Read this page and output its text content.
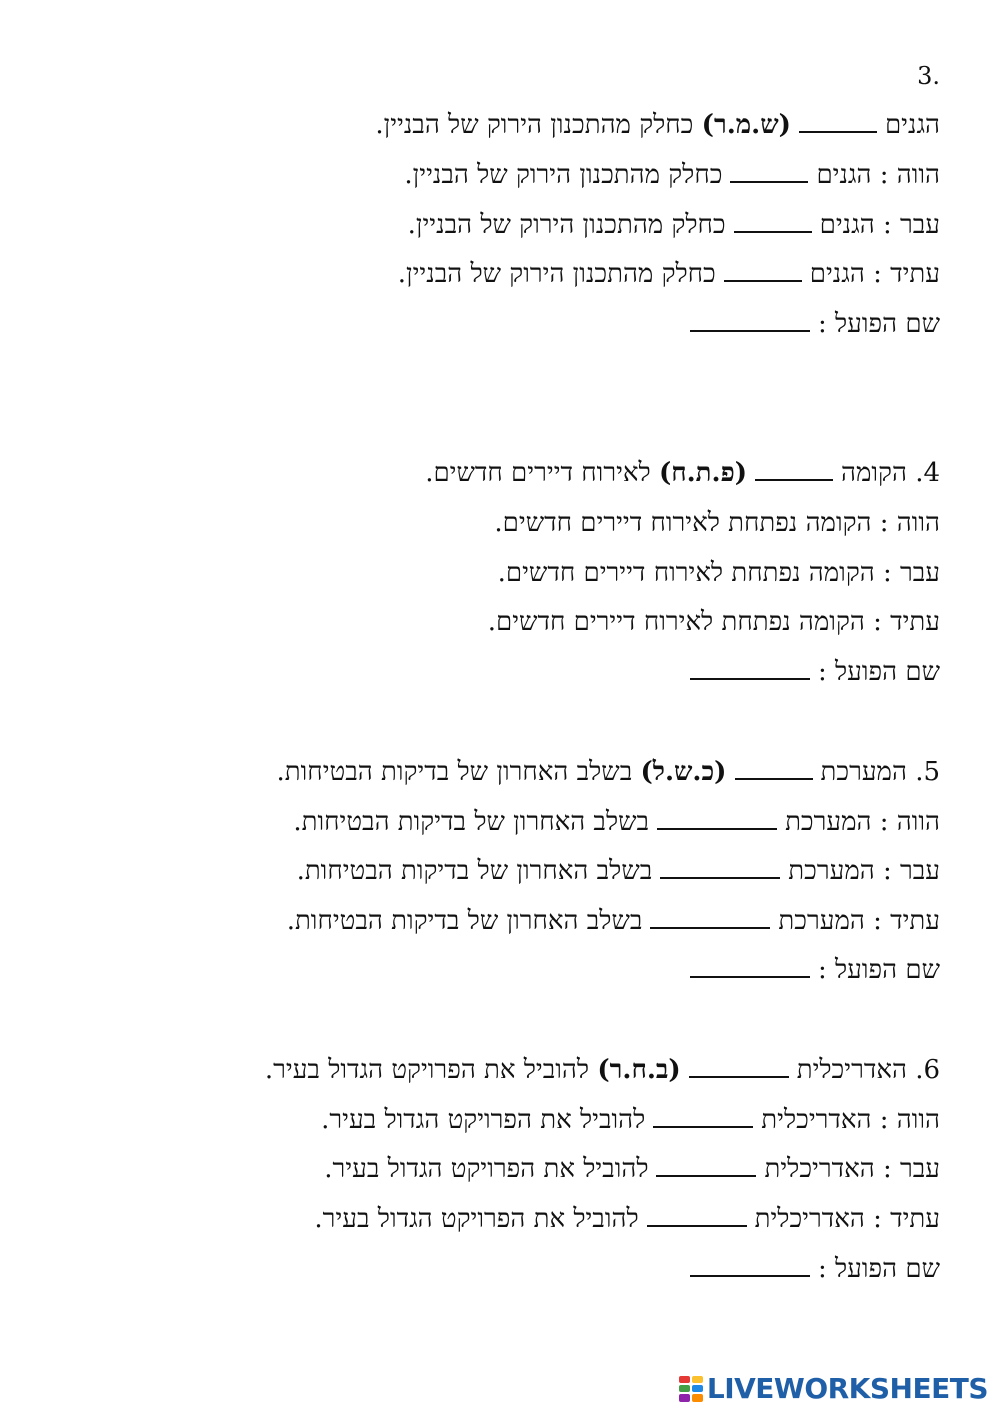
3.
הגנים(ש.מ.ר) כחלק מהתכנון הירוק של הבניין.
הווה : הגניםכחלק מהתכנון הירוק של הבניין.
עבר : הגניםכחלק מהתכנון הירוק של הבניין.
עתיד : הגניםכחלק מהתכנון הירוק של הבניין.
שם הפועל :
4. הקומה(פ.ת.ח) לאירוח דיירים חדשים.
הווה : הקומה נפתחת לאירוח דיירים חדשים.
עבר : הקומה נפתחת לאירוח דיירים חדשים.
עתיד : הקומה נפתחת לאירוח דיירים חדשים.
שם הפועל :
5. המערכת(כ.ש.ל) בשלב האחרון של בדיקות הבטיחות.
הווה : המערכתבשלב האחרון של בדיקות הבטיחות.
עבר : המערכתבשלב האחרון של בדיקות הבטיחות.
עתיד : המערכתבשלב האחרון של בדיקות הבטיחות.
שם הפועל :
6. האדריכלית(ב.ח.ר) להוביל את הפרויקט הגדול בעיר.
הווה : האדריכליתלהוביל את הפרויקט הגדול בעיר.
עבר : האדריכליתלהוביל את הפרויקט הגדול בעיר.
עתיד : האדריכליתלהוביל את הפרויקט הגדול בעיר.
שם הפועל :
LIVEWORKSHEETS
